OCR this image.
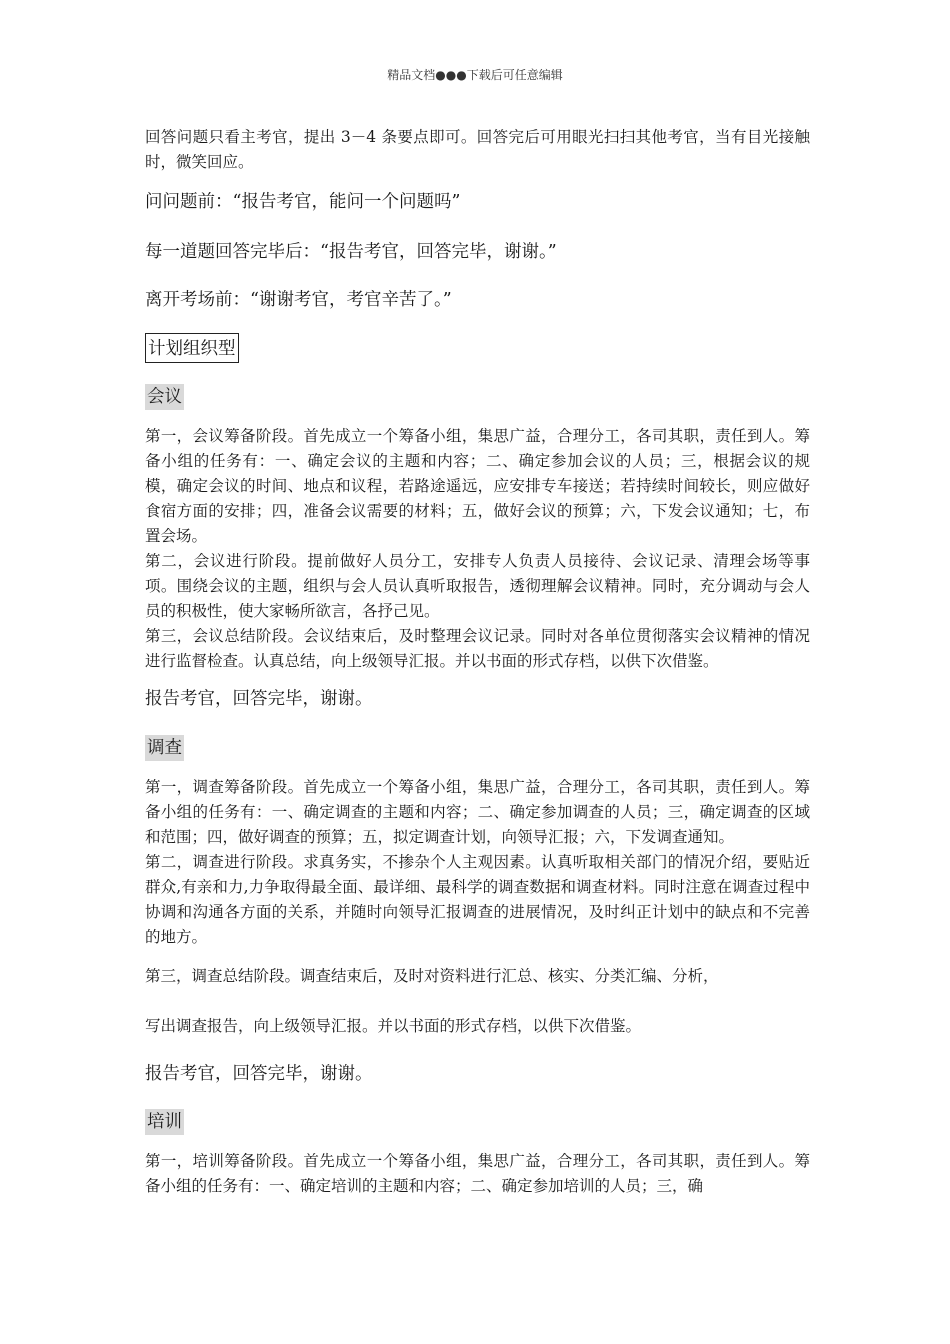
精品文档●●●下载后可任意编辑

回答问题只看主考官，提出 3－4 条要点即可。回答完后可用眼光扫扫其他考官，当有目光接触时，微笑回应。

问问题前：“报告考官，能问一个问题吗”

每一道题回答完毕后：“报告考官，回答完毕，谢谢。”

离开考场前：“谢谢考官，考官辛苦了。”

计划组织型
会议

第一，会议筹备阶段。首先成立一个筹备小组，集思广益，合理分工，各司其职，责任到人。筹备小组的任务有：一、确定会议的主题和内容；二、确定参加会议的人员；三，根据会议的规模，确定会议的时间、地点和议程，若路途遥远，应安排专车接送；若持续时间较长，则应做好食宿方面的安排；四，准备会议需要的材料；五，做好会议的预算；六，下发会议通知；七，布置会场。

第二，会议进行阶段。提前做好人员分工，安排专人负责人员接待、会议记录、清理会场等事项。围绕会议的主题，组织与会人员认真听取报告，透彻理解会议精神。同时，充分调动与会人员的积极性，使大家畅所欲言，各抒己见。

第三，会议总结阶段。会议结束后，及时整理会议记录。同时对各单位贯彻落实会议精神的情况进行监督检查。认真总结，向上级领导汇报。并以书面的形式存档，以供下次借鉴。

报告考官，回答完毕，谢谢。

调查

第一，调查筹备阶段。首先成立一个筹备小组，集思广益，合理分工，各司其职，责任到人。筹备小组的任务有：一、确定调查的主题和内容；二、确定参加调查的人员；三，确定调查的区域和范围；四，做好调查的预算；五，拟定调查计划，向领导汇报；六，下发调查通知。

第二，调查进行阶段。求真务实，不掺杂个人主观因素。认真听取相关部门的情况介绍，要贴近群众,有亲和力,力争取得最全面、最详细、最科学的调查数据和调查材料。同时注意在调查过程中协调和沟通各方面的关系，并随时向领导汇报调查的进展情况，及时纠正计划中的缺点和不完善的地方。

第三，调查总结阶段。调查结束后，及时对资料进行汇总、核实、分类汇编、分析，

写出调查报告，向上级领导汇报。并以书面的形式存档，以供下次借鉴。

报告考官，回答完毕，谢谢。

培训

第一，培训筹备阶段。首先成立一个筹备小组，集思广益，合理分工，各司其职，责任到人。筹备小组的任务有：一、确定培训的主题和内容；二、确定参加培训的人员；三，确
